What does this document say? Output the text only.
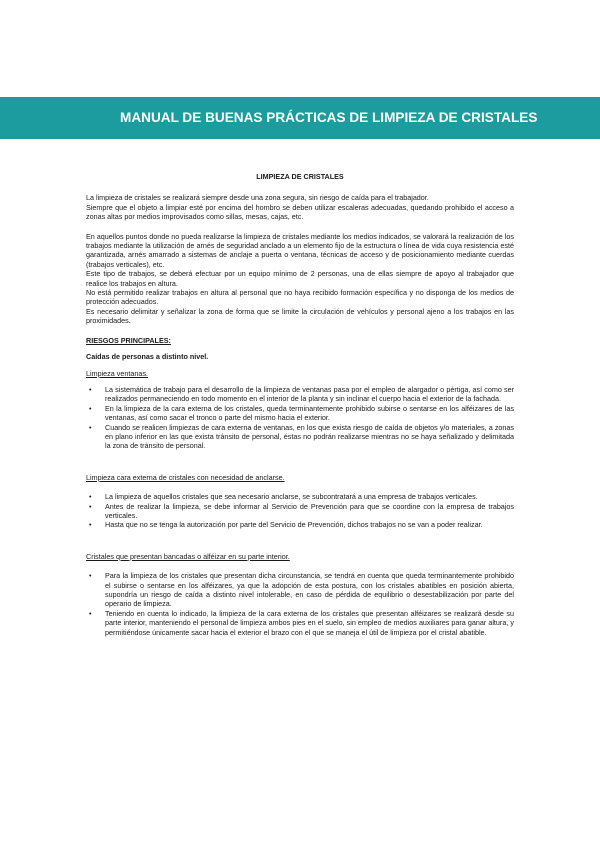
MANUAL DE BUENAS PRÁCTICAS DE LIMPIEZA DE CRISTALES

LIMPIEZA DE CRISTALES

La limpieza de cristales se realizará siempre desde una zona segura, sin riesgo de caída para el trabajador.

Siempre que el objeto a limpiar esté por encima del hombro se deben utilizar escaleras adecuadas, quedando prohibido el acceso a zonas altas por medios improvisados como sillas, mesas, cajas, etc.

En aquellos puntos donde no pueda realizarse la limpieza de cristales mediante los medios indicados, se valorará la realización de los trabajos mediante la utilización de arnés de seguridad anclado a un elemento fijo de la estructura o línea de vida cuya resistencia esté garantizada, arnés amarrado a sistemas de anclaje a puerta o ventana, técnicas de acceso y de posicionamiento mediante cuerdas (trabajos verticales), etc.

Este tipo de trabajos, se deberá efectuar por un equipo mínimo de 2 personas, una de ellas siempre de apoyo al trabajador que realice los trabajos en altura.

No está permitido realizar trabajos en altura al personal que no haya recibido formación específica y no disponga de los medios de protección adecuados.

Es necesario delimitar y señalizar la zona de forma que se limite la circulación de vehículos y personal ajeno a los trabajos en las proximidades.

RIESGOS PRINCIPALES:

Caídas de personas a distinto nivel.

Limpieza ventanas.

• La sistemática de trabajo para el desarrollo de la limpieza de ventanas pasa por el empleo de alargador o pértiga, así como ser realizados permaneciendo en todo momento en el interior de la planta y sin inclinar el cuerpo hacia el exterior de la fachada.
• En la limpieza de la cara externa de los cristales, queda terminantemente prohibido subirse o sentarse en los alféizares de las ventanas, así como sacar el tronco o parte del mismo hacia el exterior.
• Cuando se realicen limpiezas de cara externa de ventanas, en los que exista riesgo de caída de objetos y/o materiales, a zonas en plano inferior en las que exista tránsito de personal, éstas no podrán realizarse mientras no se haya señalizado y delimitada la zona de tránsito de personal.

Limpieza cara externa de cristales con necesidad de anclarse.

• La limpieza de aquellos cristales que sea necesario anclarse, se subcontratará a una empresa de trabajos verticales.
• Antes de realizar la limpieza, se debe informar al Servicio de Prevención para que se coordine con la empresa de trabajos verticales.
• Hasta que no se tenga la autorización por parte del Servicio de Prevención, dichos trabajos no se van a poder realizar.

Cristales que presentan bancadas o alféizar en su parte interior.

• Para la limpieza de los cristales que presentan dicha circunstancia, se tendrá en cuenta que queda terminantemente prohibido el subirse o sentarse en los alféizares, ya que la adopción de esta postura, con los cristales abatibles en posición abierta, supondría un riesgo de caída a distinto nivel intolerable, en caso de pérdida de equilibrio o desestabilización por parte del operario de limpieza.
• Teniendo en cuenta lo indicado, la limpieza de la cara externa de los cristales que presentan alféizares se realizará desde su parte interior, manteniendo el personal de limpieza ambos pies en el suelo, sin empleo de medios auxiliares para ganar altura, y permitiéndose únicamente sacar hacia el exterior el brazo con el que se maneja el útil de limpieza por el cristal abatible.
